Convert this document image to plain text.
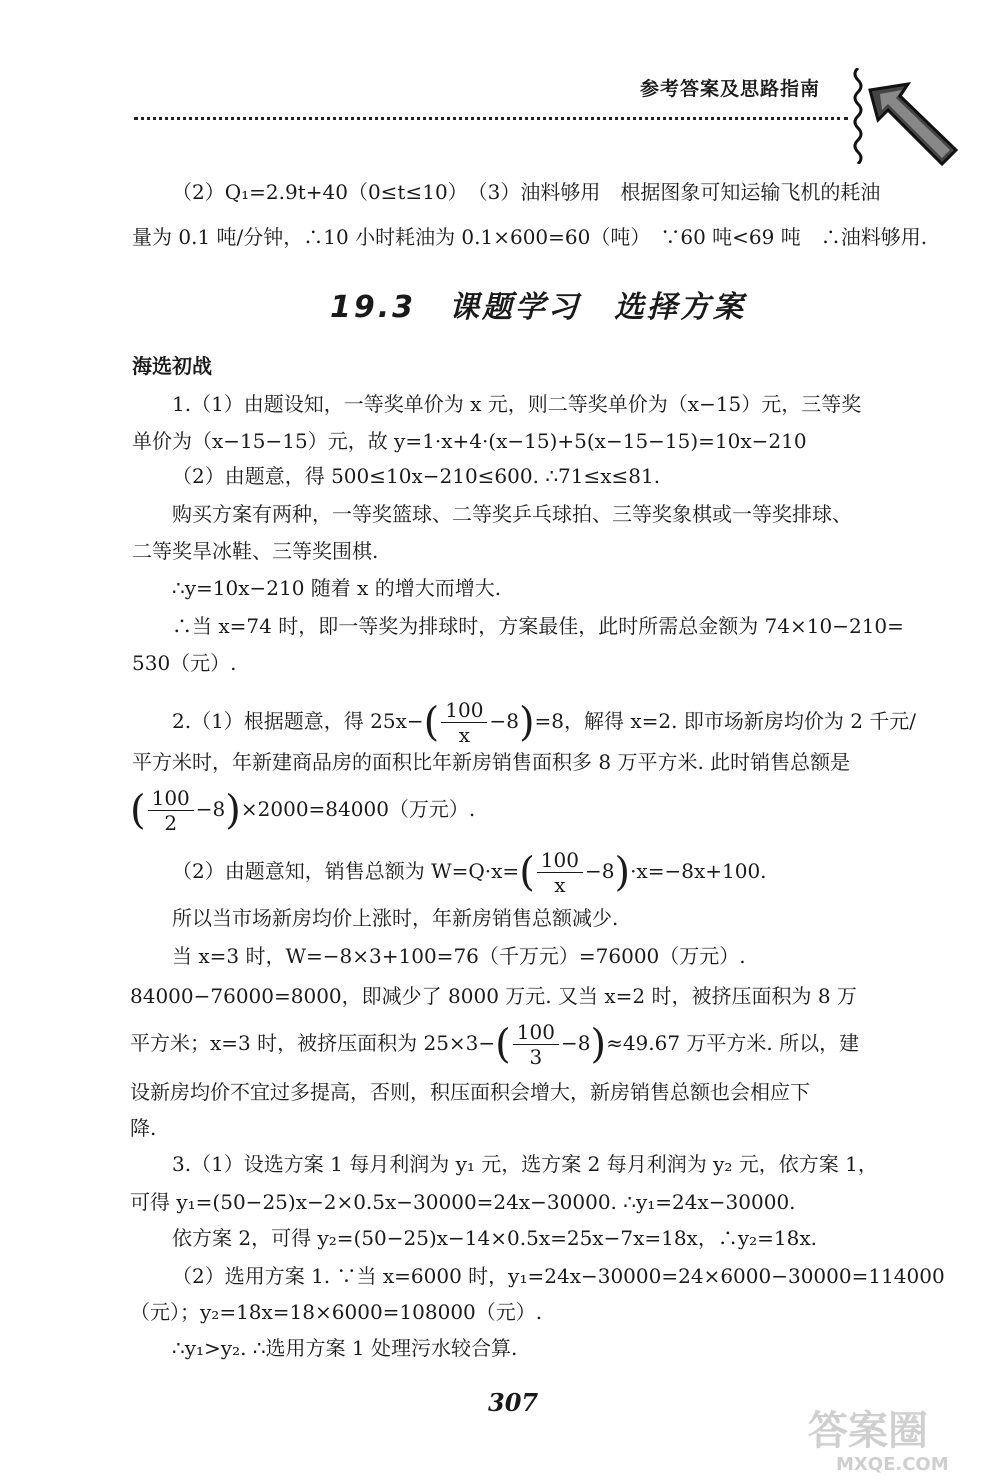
参考答案及思路指南
（2）Q₁=2.9t+40（0≤t≤10）　（3）油料够用　根据图象可知运输飞机的耗油
量为 0.1 吨/分钟，∴10 小时耗油为 0.1×600=60（吨）　∵60 吨<69 吨　∴油料够用.
19.3　课题学习　选择方案
海选初战
1.（1）由题设知，一等奖单价为 x 元，则二等奖单价为（x−15）元，三等奖
单价为（x−15−15）元，故 y=1·x+4·(x−15)+5(x−15−15)=10x−210
（2）由题意，得 500≤10x−210≤600. ∴71≤x≤81.
购买方案有两种，一等奖篮球、二等奖乒乓球拍、三等奖象棋或一等奖排球、
二等奖旱冰鞋、三等奖围棋.
∴y=10x−210 随着 x 的增大而增大.
∴当 x=74 时，即一等奖为排球时，方案最佳，此时所需总金额为 74×10−210=
530（元）.
2.（1）根据题意，得 $25x-( \frac{100}{x} -8)=8$，解得 x=2. 即市场新房均价为 2 千元/
平方米时，年新建商品房的面积比年新房销售面积多 8 万平方米. 此时销售总额是
( $\frac{100}{2} -8)\times 2000=84000$（万元）.
（2）由题意知，销售总额为 $W=Q\cdot x=( \frac{100}{x} -8)\cdot x=-8x+100$.
所以当市场新房均价上涨时，年新房销售总额减少.
当 x=3 时，W=−8×3+100=76（千万元）=76000（万元）.
84000−76000=8000，即减少了 8000 万元. 又当 x=2 时，被挤压面积为 8 万
平方米；x=3 时，被挤压面积为 $25\times 3-( \frac{100}{3} -8)\approx 49.67$ 万平方米. 所以，建
设新房均价不宜过多提高，否则，积压面积会增大，新房销售总额也会相应下
降.
3.（1）设选方案 1 每月利润为 y₁ 元，选方案 2 每月利润为 y₂ 元，依方案 1，
可得 y₁=(50−25)x−2×0.5x−30000=24x−30000. ∴y₁=24x−30000.
依方案 2，可得 y₂=(50−25)x−14×0.5x=25x−7x=18x，∴y₂=18x.
（2）选用方案 1. ∵当 x=6000 时，y₁=24x−30000=24×6000−30000=114000
（元）；y₂=18x=18×6000=108000（元）.
∴y₁>y₂. ∴选用方案 1 处理污水较合算.
307
答案圈
MXQE.COM
